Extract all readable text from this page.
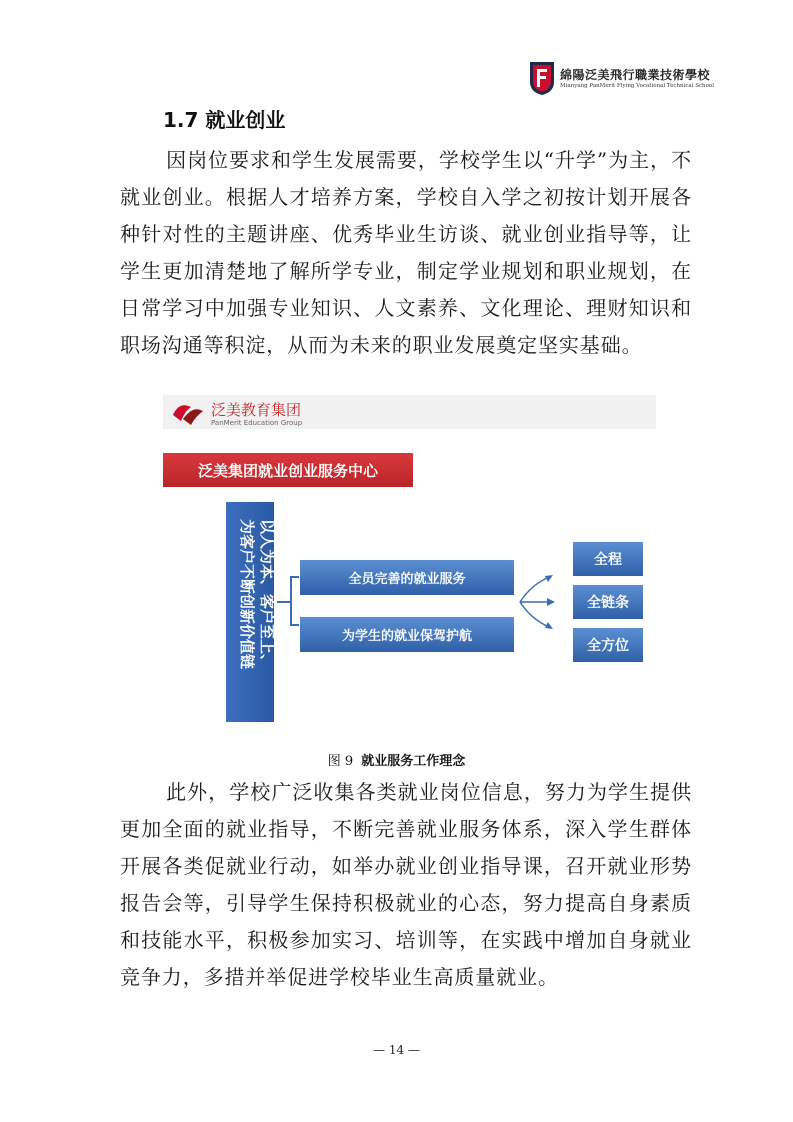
綿陽泛美飛行職業技術學校
Mianyang PanMerit Flying Vocational Technical School
1.7 就业创业
因岗位要求和学生发展需要，学校学生以“升学”为主，不就业创业。根据人才培养方案，学校自入学之初按计划开展各种针对性的主题讲座、优秀毕业生访谈、就业创业指导等，让学生更加清楚地了解所学专业，制定学业规划和职业规划，在日常学习中加强专业知识、人文素养、文化理论、理财知识和职场沟通等积淀，从而为未来的职业发展奠定坚实基础。
泛美教育集团
PanMerit Education Group
泛美集团就业创业服务中心
以人为本、客户至上、
为客户不断创新价值链	全员完善的就业服务
为学生的就业保驾护航
全程
全链条
全方位
图 9 就业服务工作理念
此外，学校广泛收集各类就业岗位信息，努力为学生提供更加全面的就业指导，不断完善就业服务体系，深入学生群体开展各类促就业行动，如举办就业创业指导课，召开就业形势报告会等，引导学生保持积极就业的心态，努力提高自身素质和技能水平，积极参加实习、培训等，在实践中增加自身就业竞争力，多措并举促进学校毕业生高质量就业。
— 14 —
